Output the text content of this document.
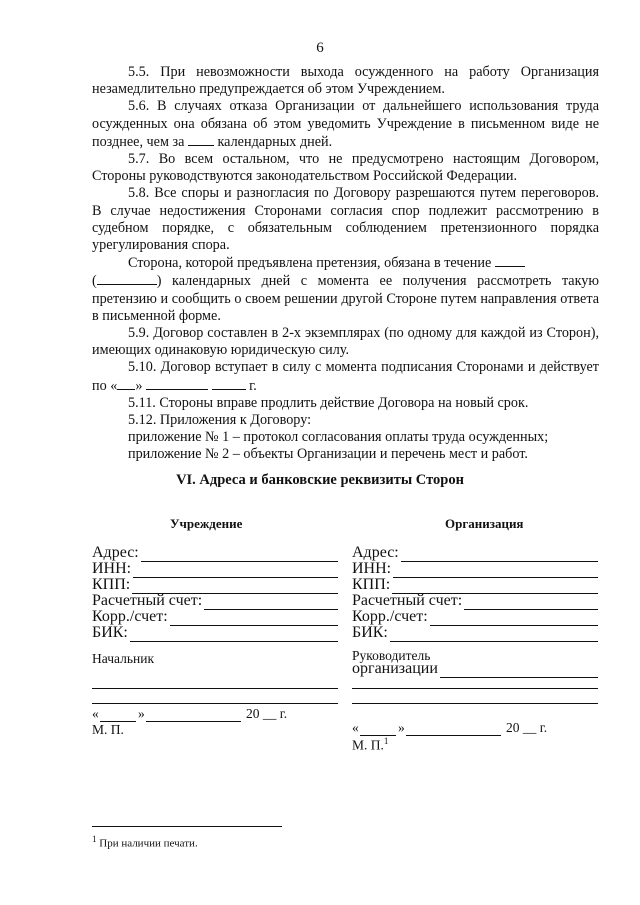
6

5.5. При невозможности выхода осужденного на работу Организация незамедлительно предупреждается об этом Учреждением.

5.6. В случаях отказа Организации от дальнейшего использования труда осужденных она обязана об этом уведомить Учреждение в письменном виде не позднее, чем за календарных дней.

5.7. Во всем остальном, что не предусмотрено настоящим Договором, Стороны руководствуются законодательством Российской Федерации.

5.8. Все споры и разногласия по Договору разрешаются путем переговоров. В случае недостижения Сторонами согласия спор подлежит рассмотрению в судебном порядке, с обязательным соблюдением претензионного порядка урегулирования спора.

Сторона, которой предъявлена претензия, обязана в течение
(	) календарных дней с момента ее получения рассмотреть такую претензию и сообщить о своем решении другой Стороне путем направления ответа в письменной форме.

5.9. Договор составлен в 2-х экземплярах (по одному для каждой из Сторон), имеющих одинаковую юридическую силу.

5.10. Договор вступает в силу с момента подписания Сторонами и действует по « »	г.

5.11. Стороны вправе продлить действие Договора на новый срок.

5.12. Приложения к Договору:

приложение № 1 – протокол согласования оплаты труда осужденных;

приложение № 2 – объекты Организации и перечень мест и работ.

VI. Адреса и банковские реквизиты Сторон
Учреждение
Адрес:
ИНН:
КПП:
Расчетный счет:
Корр./счет:
БИК:
Начальник
«	»	20 __ г.
М. П.
Организация
Адрес:
ИНН:
КПП:
Расчетный счет:
Корр./счет:
БИК:
Руководитель
организации
«	»	20 __ г.
М. П.$^1$
$^1$ При наличии печати.
